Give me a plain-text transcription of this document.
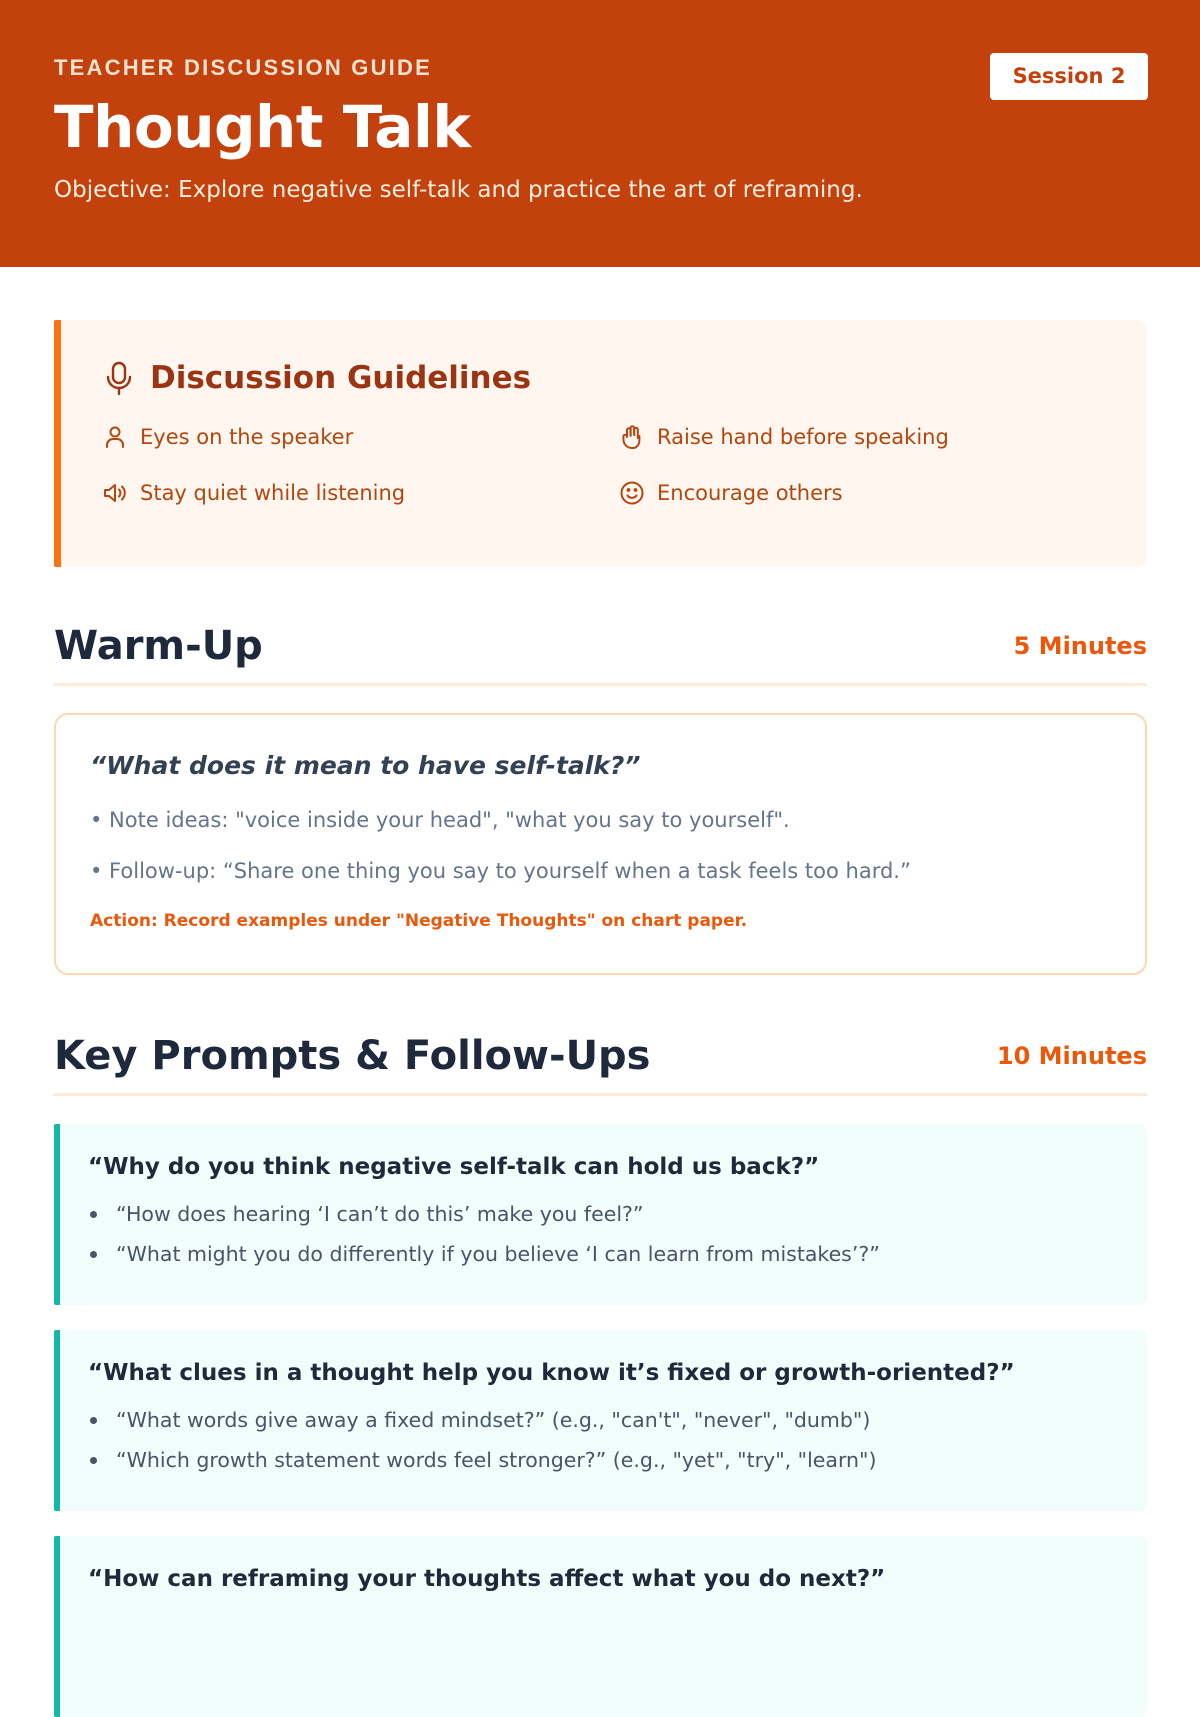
TEACHER DISCUSSION GUIDE
Thought Talk
Objective: Explore negative self-talk and practice the art of reframing.
Session 2
Discussion Guidelines
Eyes on the speaker	Raise hand before speaking
Stay quiet while listening	Encourage others
Warm-Up	5 Minutes
“What does it mean to have self-talk?”
• Note ideas: "voice inside your head", "what you say to yourself".
• Follow-up: “Share one thing you say to yourself when a task feels too hard.”
Action: Record examples under "Negative Thoughts" on chart paper.
Key Prompts & Follow-Ups	10 Minutes
“Why do you think negative self-talk can hold us back?”
“How does hearing ‘I can’t do this’ make you feel?”
“What might you do differently if you believe ‘I can learn from mistakes’?”
“What clues in a thought help you know it’s fixed or growth-oriented?”
“What words give away a fixed mindset?” (e.g., "can't", "never", "dumb")
“Which growth statement words feel stronger?” (e.g., "yet", "try", "learn")
“How can reframing your thoughts affect what you do next?”
